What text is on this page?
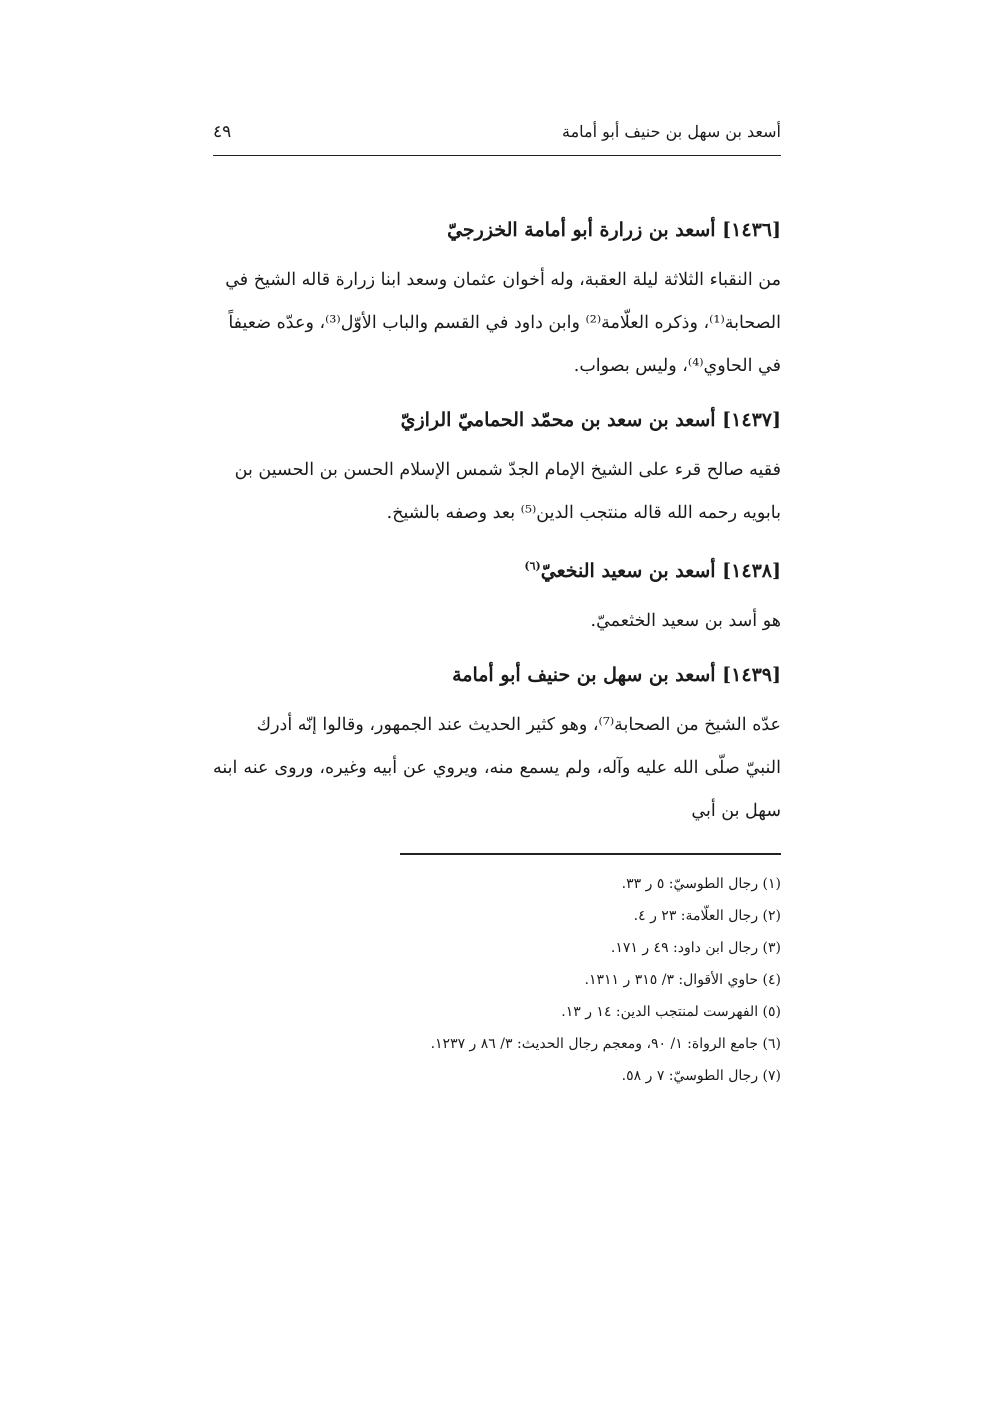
أسعد بن سهل بن حنيف أبو أمامة
٤٩

[١٤٣٦] أسعد بن زرارة أبو أمامة الخزرجيّ

من النقباء الثلاثة ليلة العقبة، وله أخوان عثمان وسعد ابنا زرارة قاله الشيخ في

الصحابة⁽¹⁾، وذكره العلّامة⁽²⁾ وابن داود في القسم والباب الأوّل⁽³⁾، وعدّه ضعيفاً

في الحاوي⁽⁴⁾، وليس بصواب.

[١٤٣٧] أسعد بن سعد بن محمّد الحماميّ الرازيّ

فقيه صالح قرء على الشيخ الإمام الجدّ شمس الإسلام الحسن بن الحسين بن

بابويه رحمه الله قاله منتجب الدين⁽⁵⁾ بعد وصفه بالشيخ.

[١٤٣٨] أسعد بن سعيد النخعيّ$^{(٦)}$

هو أسد بن سعيد الخثعميّ.

[١٤٣٩] أسعد بن سهل بن حنيف أبو أمامة

عدّه الشيخ من الصحابة⁽⁷⁾، وهو كثير الحديث عند الجمهور، وقالوا إنّه أدرك

النبيّ صلّى الله عليه وآله، ولم يسمع منه، ويروي عن أبيه وغيره، وروى عنه ابنه سهل بن أبي

(١) رجال الطوسيّ: ٥ ر ٣٣.
(٢) رجال العلّامة: ٢٣ ر ٤.
(٣) رجال ابن داود: ٤٩ ر ١٧١.
(٤) حاوي الأقوال: ٣/ ٣١٥ ر ١٣١١.
(٥) الفهرست لمنتجب الدين: ١٤ ر ١٣.
(٦) جامع الرواة: ١/ ٩٠، ومعجم رجال الحديث: ٣/ ٨٦ ر ١٢٣٧.
(٧) رجال الطوسيّ: ٧ ر ٥٨.
